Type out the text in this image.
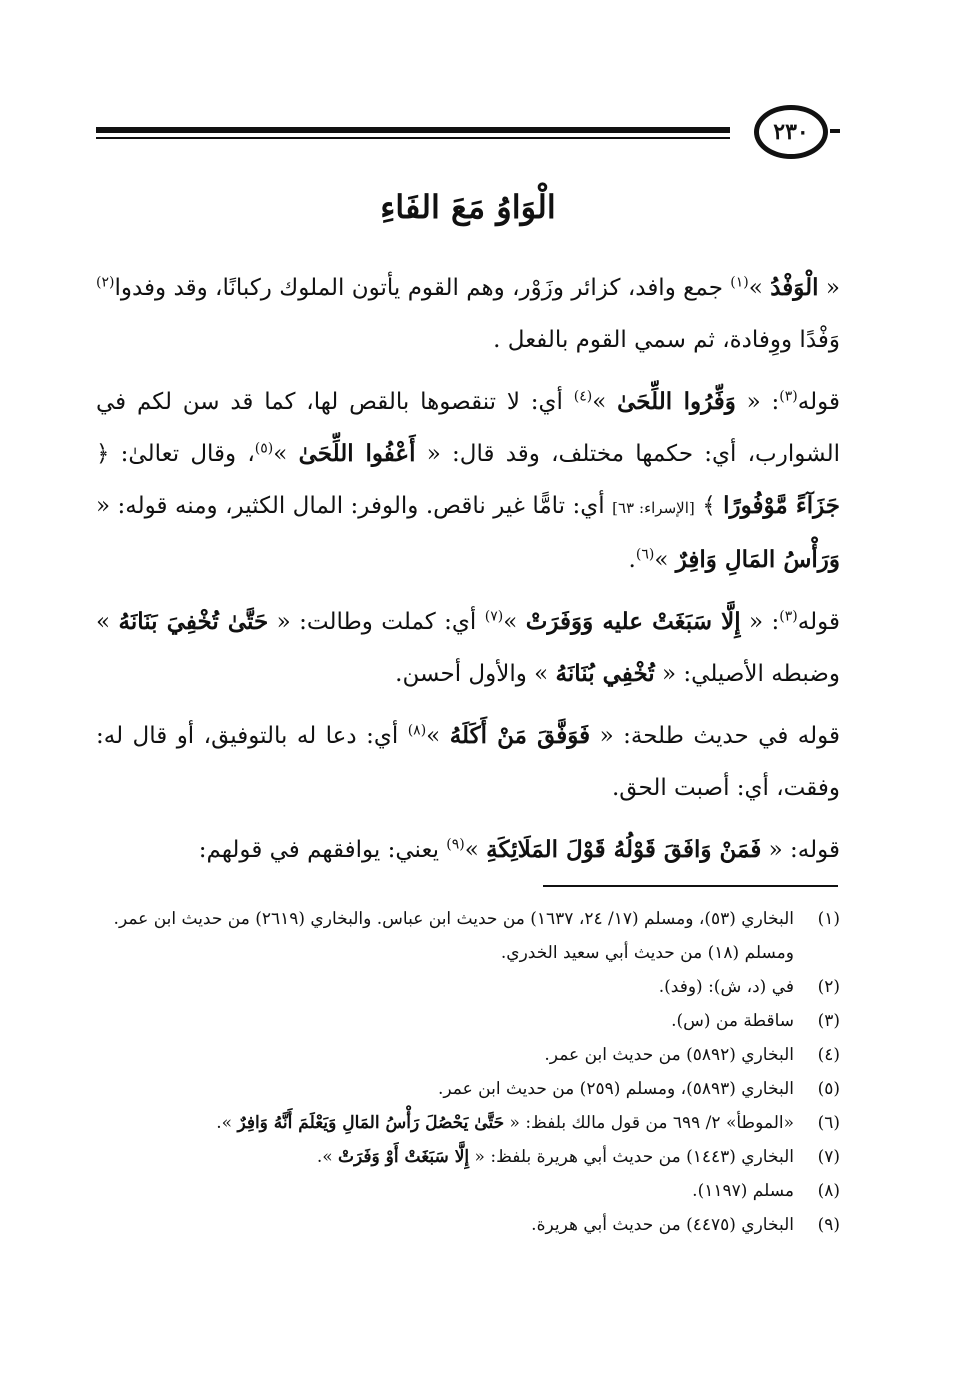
٢٣٠
الْوَاوُ مَعَ الفَاءِ

« الْوَفْدُ »$^{(١)}$ جمع وافد، كزائر وزَوْر، وهم القوم يأتون الملوك ركبانًا، وقد وفدوا$^{(٢)}$ وَفْدًا ووِفادة، ثم سمي القوم بالفعل .

قوله$^{(٣)}$: « وَفِّرُوا اللِّحَىٰ »$^{(٤)}$ أي: لا تنقصوها بالقص لها، كما قد سن لكم في الشوارب، أي: حكمها مختلف، وقد قال: « أَعْفُوا اللِّحَىٰ »$^{(٥)}$، وقال تعالىٰ: ﴿ جَزَآءً مَّوْفُورًا ﴾ [الإسراء: ٦٣] أي: تامًّا غير ناقص. والوفر: المال الكثير، ومنه قوله: « وَرَأْسُ المَالِ وَافِرٌ »$^{(٦)}$.

قوله$^{(٣)}$: « إِلَّا سَبَغَتْ عليه وَوَفَرَتْ »$^{(٧)}$ أي: كملت وطالت: « حَتَّىٰ تُخْفِيَ بَنَانَهُ » وضبطه الأصيلي: « تُخْفِي بُنَانَهُ » والأول أحسن.

قوله في حديث طلحة: « فَوَفَّقَ مَنْ أَكَلَهُ »$^{(٨)}$ أي: دعا له بالتوفيق، أو قال له: وفقت، أي: أصبت الحق.

قوله: « فَمَنْ وَافَقَ قَوْلُهُ قَوْلَ المَلَائِكَةِ »$^{(٩)}$ يعني: يوافقهم في قولهم:

(١)
البخاري (٥٣)، ومسلم (١٧/ ٢٤، ١٦٣٧) من حديث ابن عباس. والبخاري (٢٦١٩) من حديث ابن عمر. ومسلم (١٨) من حديث أبي سعيد الخدري.
(٢)
في (د، ش): (وفد).
(٣)
ساقطة من (س).
(٤)
البخاري (٥٨٩٢) من حديث ابن عمر.
(٥)
البخاري (٥٨٩٣)، ومسلم (٢٥٩) من حديث ابن عمر.
(٦)
«الموطأ» ٢/ ٦٩٩ من قول مالك بلفظ: « حَتَّىٰ يَحْصُلَ رَأْسُ المَالِ وَيَعْلَمَ أَنَّهُ وَافِرٌ ».
(٧)
البخاري (١٤٤٣) من حديث أبي هريرة بلفظ: « إِلَّا سَبَغَتْ أَوْ وَفَرَتْ ».
(٨)
مسلم (١١٩٧).
(٩)
البخاري (٤٤٧٥) من حديث أبي هريرة.
